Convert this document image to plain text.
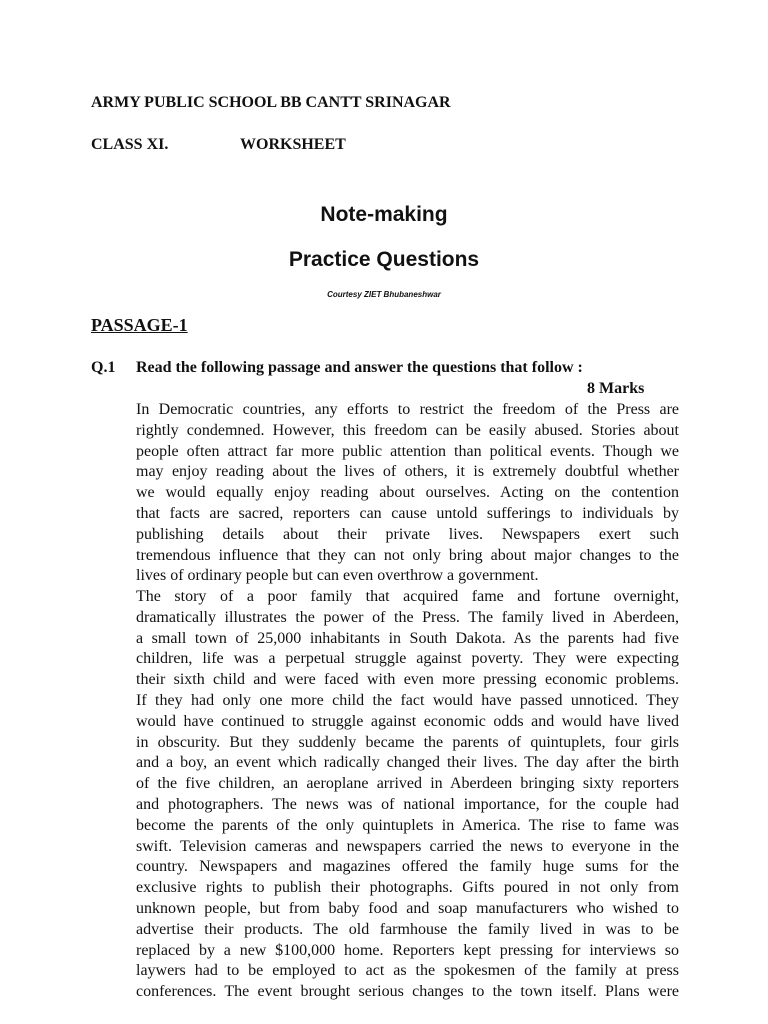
ARMY PUBLIC SCHOOL BB CANTT SRINAGAR
CLASS XI.	WORKSHEET
Note-making
Practice Questions
Courtesy ZIET Bhubaneshwar
PASSAGE-1
Q.1 Read the following passage and answer the questions that follow :
8 Marks
In Democratic countries, any efforts to restrict the freedom of the Press are
rightly condemned. However, this freedom can be easily abused. Stories about
people often attract far more public attention than political events. Though we
may enjoy reading about the lives of others, it is extremely doubtful whether
we would equally enjoy reading about ourselves. Acting on the contention
that facts are sacred, reporters can cause untold sufferings to individuals by
publishing details about their private lives. Newspapers exert such
tremendous influence that they can not only bring about major changes to the
lives of ordinary people but can even overthrow a government.
The story of a poor family that acquired fame and fortune overnight,
dramatically illustrates the power of the Press. The family lived in Aberdeen,
a small town of 25,000 inhabitants in South Dakota. As the parents had five
children, life was a perpetual struggle against poverty. They were expecting
their sixth child and were faced with even more pressing economic problems.
If they had only one more child the fact would have passed unnoticed. They
would have continued to struggle against economic odds and would have lived
in obscurity. But they suddenly became the parents of quintuplets, four girls
and a boy, an event which radically changed their lives. The day after the birth
of the five children, an aeroplane arrived in Aberdeen bringing sixty reporters
and photographers. The news was of national importance, for the couple had
become the parents of the only quintuplets in America. The rise to fame was
swift. Television cameras and newspapers carried the news to everyone in the
country. Newspapers and magazines offered the family huge sums for the
exclusive rights to publish their photographs. Gifts poured in not only from
unknown people, but from baby food and soap manufacturers who wished to
advertise their products. The old farmhouse the family lived in was to be
replaced by a new $100,000 home. Reporters kept pressing for interviews so
laywers had to be employed to act as the spokesmen of the family at press
conferences. The event brought serious changes to the town itself. Plans were
